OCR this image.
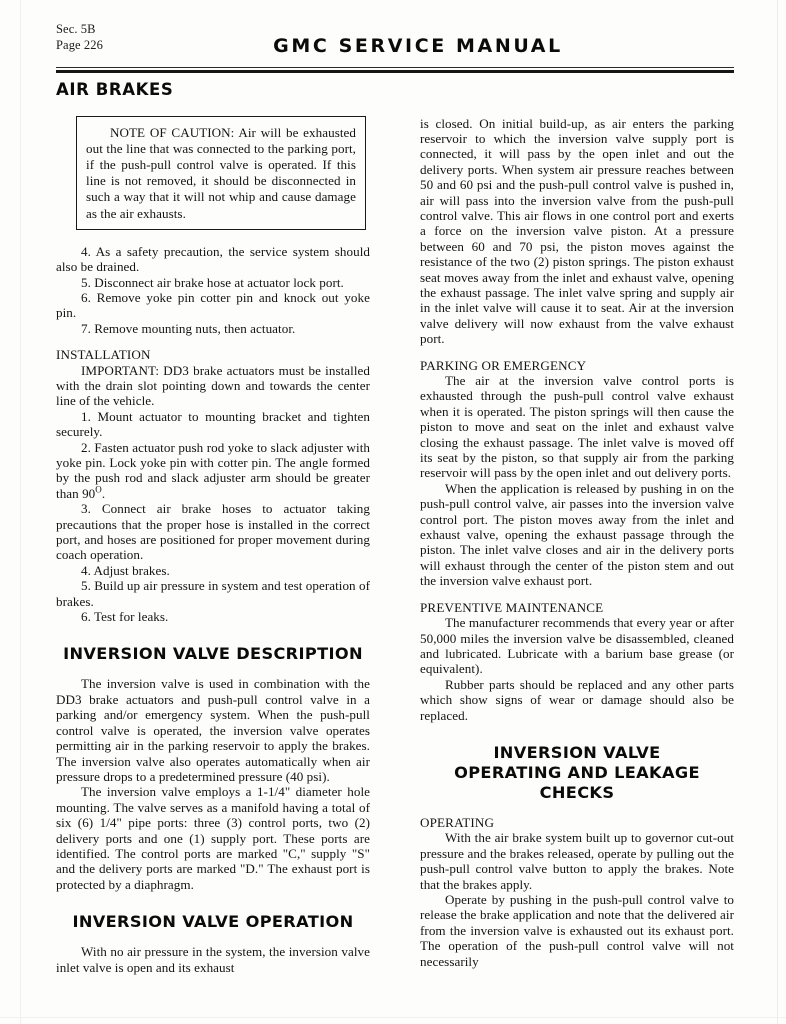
Sec. 5B
Page 226	GMC SERVICE MANUAL
AIR BRAKES

NOTE OF CAUTION: Air will be exhausted out the line that was connected to the parking port, if the push-pull control valve is operated. If this line is not removed, it should be disconnected in such a way that it will not whip and cause damage as the air exhausts.

4. As a safety precaution, the service system should also be drained.

5. Disconnect air brake hose at actuator lock port.

6. Remove yoke pin cotter pin and knock out yoke pin.

7. Remove mounting nuts, then actuator.

INSTALLATION

IMPORTANT: DD3 brake actuators must be installed with the drain slot pointing down and towards the center line of the vehicle.

1. Mount actuator to mounting bracket and tighten securely.

2. Fasten actuator push rod yoke to slack adjuster with yoke pin. Lock yoke pin with cotter pin. The angle formed by the push rod and slack adjuster arm should be greater than $90^O$.

3. Connect air brake hoses to actuator taking precautions that the proper hose is installed in the correct port, and hoses are positioned for proper movement during coach operation.

4. Adjust brakes.

5. Build up air pressure in system and test operation of brakes.

6. Test for leaks.

INVERSION VALVE DESCRIPTION

The inversion valve is used in combination with the DD3 brake actuators and push-pull control valve in a parking and/or emergency system. When the push-pull control valve is operated, the inversion valve operates permitting air in the parking reservoir to apply the brakes. The inversion valve also operates automatically when air pressure drops to a predetermined pressure (40 psi).

The inversion valve employs a 1-1/4" diameter hole mounting. The valve serves as a manifold having a total of six (6) 1/4" pipe ports: three (3) control ports, two (2) delivery ports and one (1) supply port. These ports are identified. The control ports are marked "C," supply "S" and the delivery ports are marked "D." The exhaust port is protected by a diaphragm.

INVERSION VALVE OPERATION

With no air pressure in the system, the inversion valve inlet valve is open and its exhaust

is closed. On initial build-up, as air enters the parking reservoir to which the inversion valve supply port is connected, it will pass by the open inlet and out the delivery ports. When system air pressure reaches between 50 and 60 psi and the push-pull control valve is pushed in, air will pass into the inversion valve from the push-pull control valve. This air flows in one control port and exerts a force on the inversion valve piston. At a pressure between 60 and 70 psi, the piston moves against the resistance of the two (2) piston springs. The piston exhaust seat moves away from the inlet and exhaust valve, opening the exhaust passage. The inlet valve spring and supply air in the inlet valve will cause it to seat. Air at the inversion valve delivery will now exhaust from the valve exhaust port.

PARKING OR EMERGENCY

The air at the inversion valve control ports is exhausted through the push-pull control valve exhaust when it is operated. The piston springs will then cause the piston to move and seat on the inlet and exhaust valve closing the exhaust passage. The inlet valve is moved off its seat by the piston, so that supply air from the parking reservoir will pass by the open inlet and out delivery ports.

When the application is released by pushing in on the push-pull control valve, air passes into the inversion valve control port. The piston moves away from the inlet and exhaust valve, opening the exhaust passage through the piston. The inlet valve closes and air in the delivery ports will exhaust through the center of the piston stem and out the inversion valve exhaust port.

PREVENTIVE MAINTENANCE

The manufacturer recommends that every year or after 50,000 miles the inversion valve be disassembled, cleaned and lubricated. Lubricate with a barium base grease (or equivalent).

Rubber parts should be replaced and any other parts which show signs of wear or damage should also be replaced.

INVERSION VALVE
OPERATING AND LEAKAGE CHECKS

OPERATING

With the air brake system built up to governor cut-out pressure and the brakes released, operate by pulling out the push-pull control valve button to apply the brakes. Note that the brakes apply.

Operate by pushing in the push-pull control valve to release the brake application and note that the delivered air from the inversion valve is exhausted out its exhaust port. The operation of the push-pull control valve will not necessarily
